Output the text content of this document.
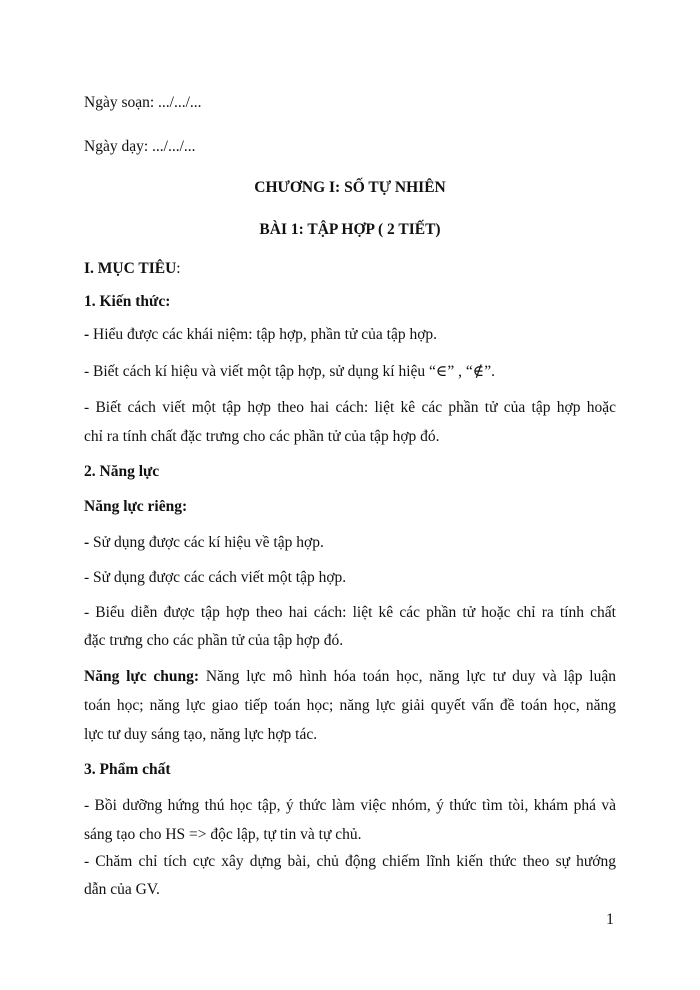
Ngày soạn: .../.../...
Ngày dạy: .../.../...
CHƯƠNG I: SỐ TỰ NHIÊN
BÀI 1: TẬP HỢP ( 2 TIẾT)
I. MỤC TIÊU:
1. Kiến thức:
- Hiểu được các khái niệm: tập hợp, phần tử của tập hợp.
- Biết cách kí hiệu và viết một tập hợp, sử dụng kí hiệu “∈” , “∉”.
- Biết cách viết một tập hợp theo hai cách: liệt kê các phần tử của tập hợp hoặc
chỉ ra tính chất đặc trưng cho các phần tử của tập hợp đó.
2. Năng lực
Năng lực riêng:
- Sử dụng được các kí hiệu về tập hợp.
- Sử dụng được các cách viết một tập hợp.
- Biểu diễn được tập hợp theo hai cách: liệt kê các phần tử hoặc chỉ ra tính chất
đặc trưng cho các phần tử của tập hợp đó.
Năng lực chung: Năng lực mô hình hóa toán học, năng lực tư duy và lập luận
toán học; năng lực giao tiếp toán học; năng lực giải quyết vấn đề toán học, năng
lực tư duy sáng tạo, năng lực hợp tác.
3. Phẩm chất
- Bồi dưỡng hứng thú học tập, ý thức làm việc nhóm, ý thức tìm tòi, khám phá và
sáng tạo cho HS => độc lập, tự tin và tự chủ.
- Chăm chỉ tích cực xây dựng bài, chủ động chiếm lĩnh kiến thức theo sự hướng
dẫn của GV.
1
